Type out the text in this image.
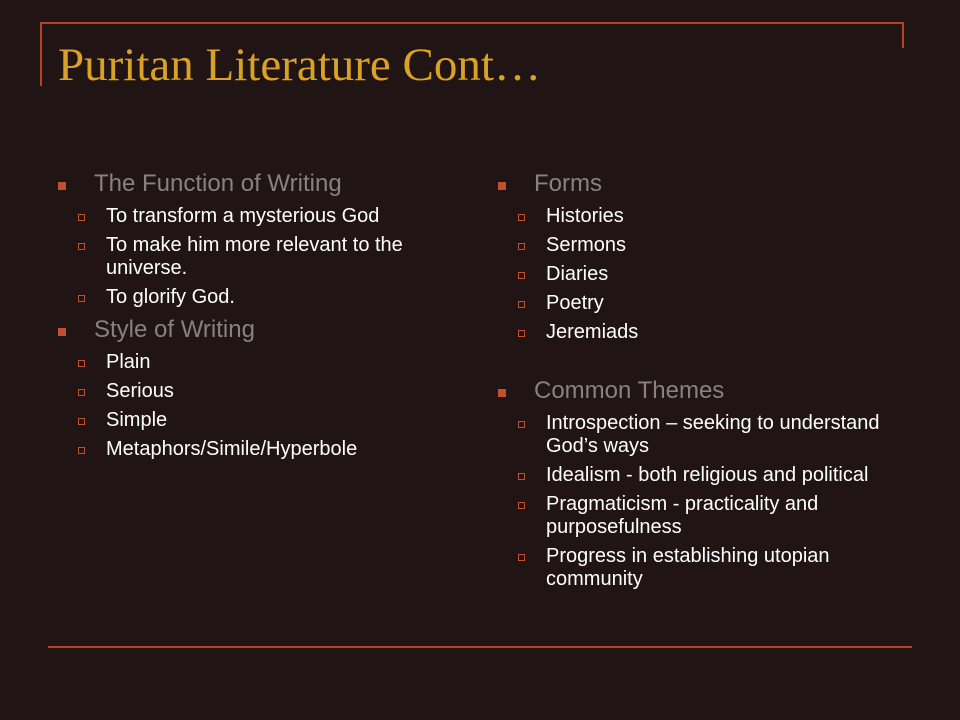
Puritan Literature Cont…
The Function of Writing
To transform a mysterious God
To make him more relevant to the universe.
To glorify God.
Style of Writing
Plain
Serious
Simple
Metaphors/Simile/Hyperbole
Forms
Histories
Sermons
Diaries
Poetry
Jeremiads
Common Themes
Introspection – seeking to understand God’s ways
Idealism - both religious and political
Pragmaticism - practicality and purposefulness
Progress in establishing utopian community
